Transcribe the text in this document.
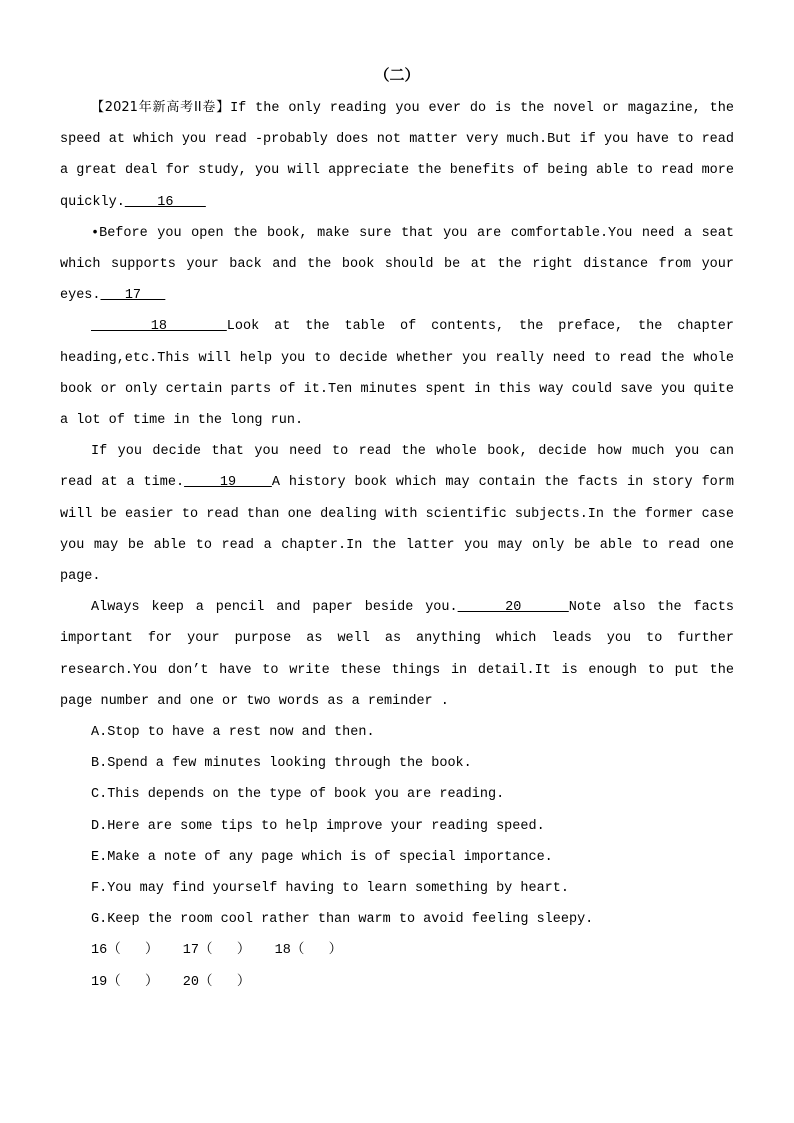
（二）

【2021年新高考II卷】If the only reading you ever do is the novel or magazine, the speed at which you read -probably does not matter very much.But if you have to read a great deal for study, you will appreciate the benefits of being able to read more quickly.    16

•Before you open the book, make sure that you are comfortable.You need a seat which supports your back and the book should be at the right distance from your eyes.   17

18    Look at the table of contents, the preface, the chapter heading,etc.This will help you to decide whether you really need to read the whole book or only certain parts of it.Ten minutes spent in this way could save you quite a lot of time in the long run.

If you decide that you need to read the whole book, decide how much you can read at a time.    19    A history book which may contain the facts in story form will be easier to read than one dealing with scientific subjects.In the former case you may be able to read a chapter.In the latter you may only be able to read one page.

Always keep a pencil and paper beside you.    20    Note also the facts important for your purpose as well as anything which leads you to further research.You don’t have to write these things in detail.It is enough to put the page number and one or two words as a reminder .

A.Stop to have a rest now and then.
B.Spend a few minutes looking through the book.
C.This depends on the type of book you are reading.
D.Here are some tips to help improve your reading speed.
E.Make a note of any page which is of special importance.
F.You may find yourself having to learn something by heart.
G.Keep the room cool rather than warm to avoid feeling sleepy.
16（   ）   17（   ）   18（   ）
19（   ）   20（   ）
